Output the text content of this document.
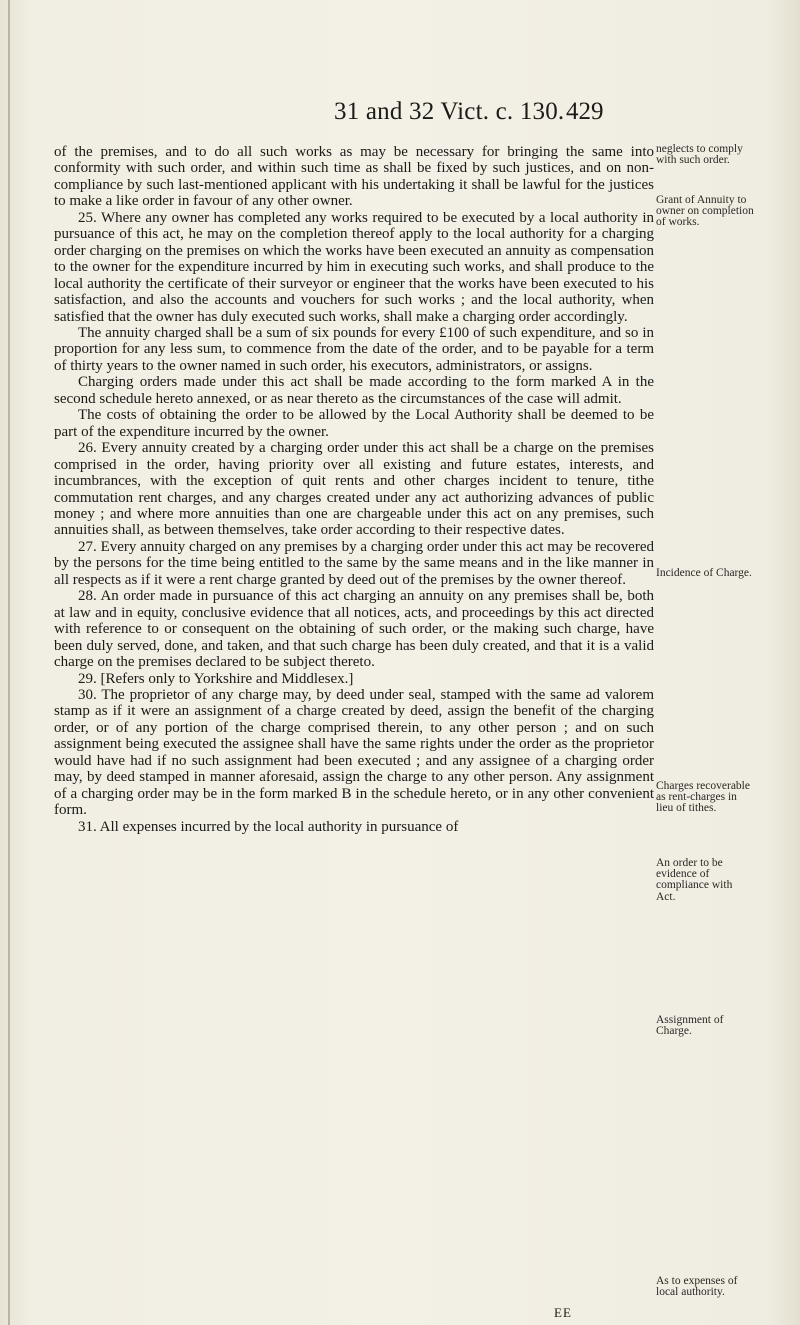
31 and 32 Vict. c. 130. 429

of the premises, and to do all such works as may be necessary for bringing the same into conformity with such order, and within such time as shall be fixed by such justices, and on non-compliance by such last-mentioned applicant with his undertaking it shall be lawful for the justices to make a like order in favour of any other owner.

25. Where any owner has completed any works required to be executed by a local authority in pursuance of this act, he may on the completion thereof apply to the local authority for a charging order charging on the premises on which the works have been executed an annuity as compensation to the owner for the expenditure incurred by him in executing such works, and shall produce to the local authority the certificate of their surveyor or engineer that the works have been executed to his satisfaction, and also the accounts and vouchers for such works ; and the local authority, when satisfied that the owner has duly executed such works, shall make a charging order accordingly.

The annuity charged shall be a sum of six pounds for every £100 of such expenditure, and so in proportion for any less sum, to commence from the date of the order, and to be payable for a term of thirty years to the owner named in such order, his executors, administrators, or assigns.

Charging orders made under this act shall be made according to the form marked A in the second schedule hereto annexed, or as near thereto as the circumstances of the case will admit.

The costs of obtaining the order to be allowed by the Local Authority shall be deemed to be part of the expenditure incurred by the owner.

26. Every annuity created by a charging order under this act shall be a charge on the premises comprised in the order, having priority over all existing and future estates, interests, and incumbrances, with the exception of quit rents and other charges incident to tenure, tithe commutation rent charges, and any charges created under any act authorizing advances of public money ; and where more annuities than one are chargeable under this act on any premises, such annuities shall, as between themselves, take order according to their respective dates.

27. Every annuity charged on any premises by a charging order under this act may be recovered by the persons for the time being entitled to the same by the same means and in the like manner in all respects as if it were a rent charge granted by deed out of the premises by the owner thereof.

28. An order made in pursuance of this act charging an annuity on any premises shall be, both at law and in equity, conclusive evidence that all notices, acts, and proceedings by this act directed with reference to or consequent on the obtaining of such order, or the making such charge, have been duly served, done, and taken, and that such charge has been duly created, and that it is a valid charge on the premises declared to be subject thereto.

29. [Refers only to Yorkshire and Middlesex.]

30. The proprietor of any charge may, by deed under seal, stamped with the same ad valorem stamp as if it were an assignment of a charge created by deed, assign the benefit of the charging order, or of any portion of the charge comprised therein, to any other person ; and on such assignment being executed the assignee shall have the same rights under the order as the proprietor would have had if no such assignment had been executed ; and any assignee of a charging order may, by deed stamped in manner aforesaid, assign the charge to any other person. Any assignment of a charging order may be in the form marked B in the schedule hereto, or in any other convenient form.

31. All expenses incurred by the local authority in pursuance of

neglects to comply with such order.
Grant of Annuity to owner on completion of works.
Incidence of Charge.
Charges recoverable as rent-charges in lieu of tithes.
An order to be evidence of compliance with Act.
Assignment of Charge.
As to expenses of local authority.
EE
